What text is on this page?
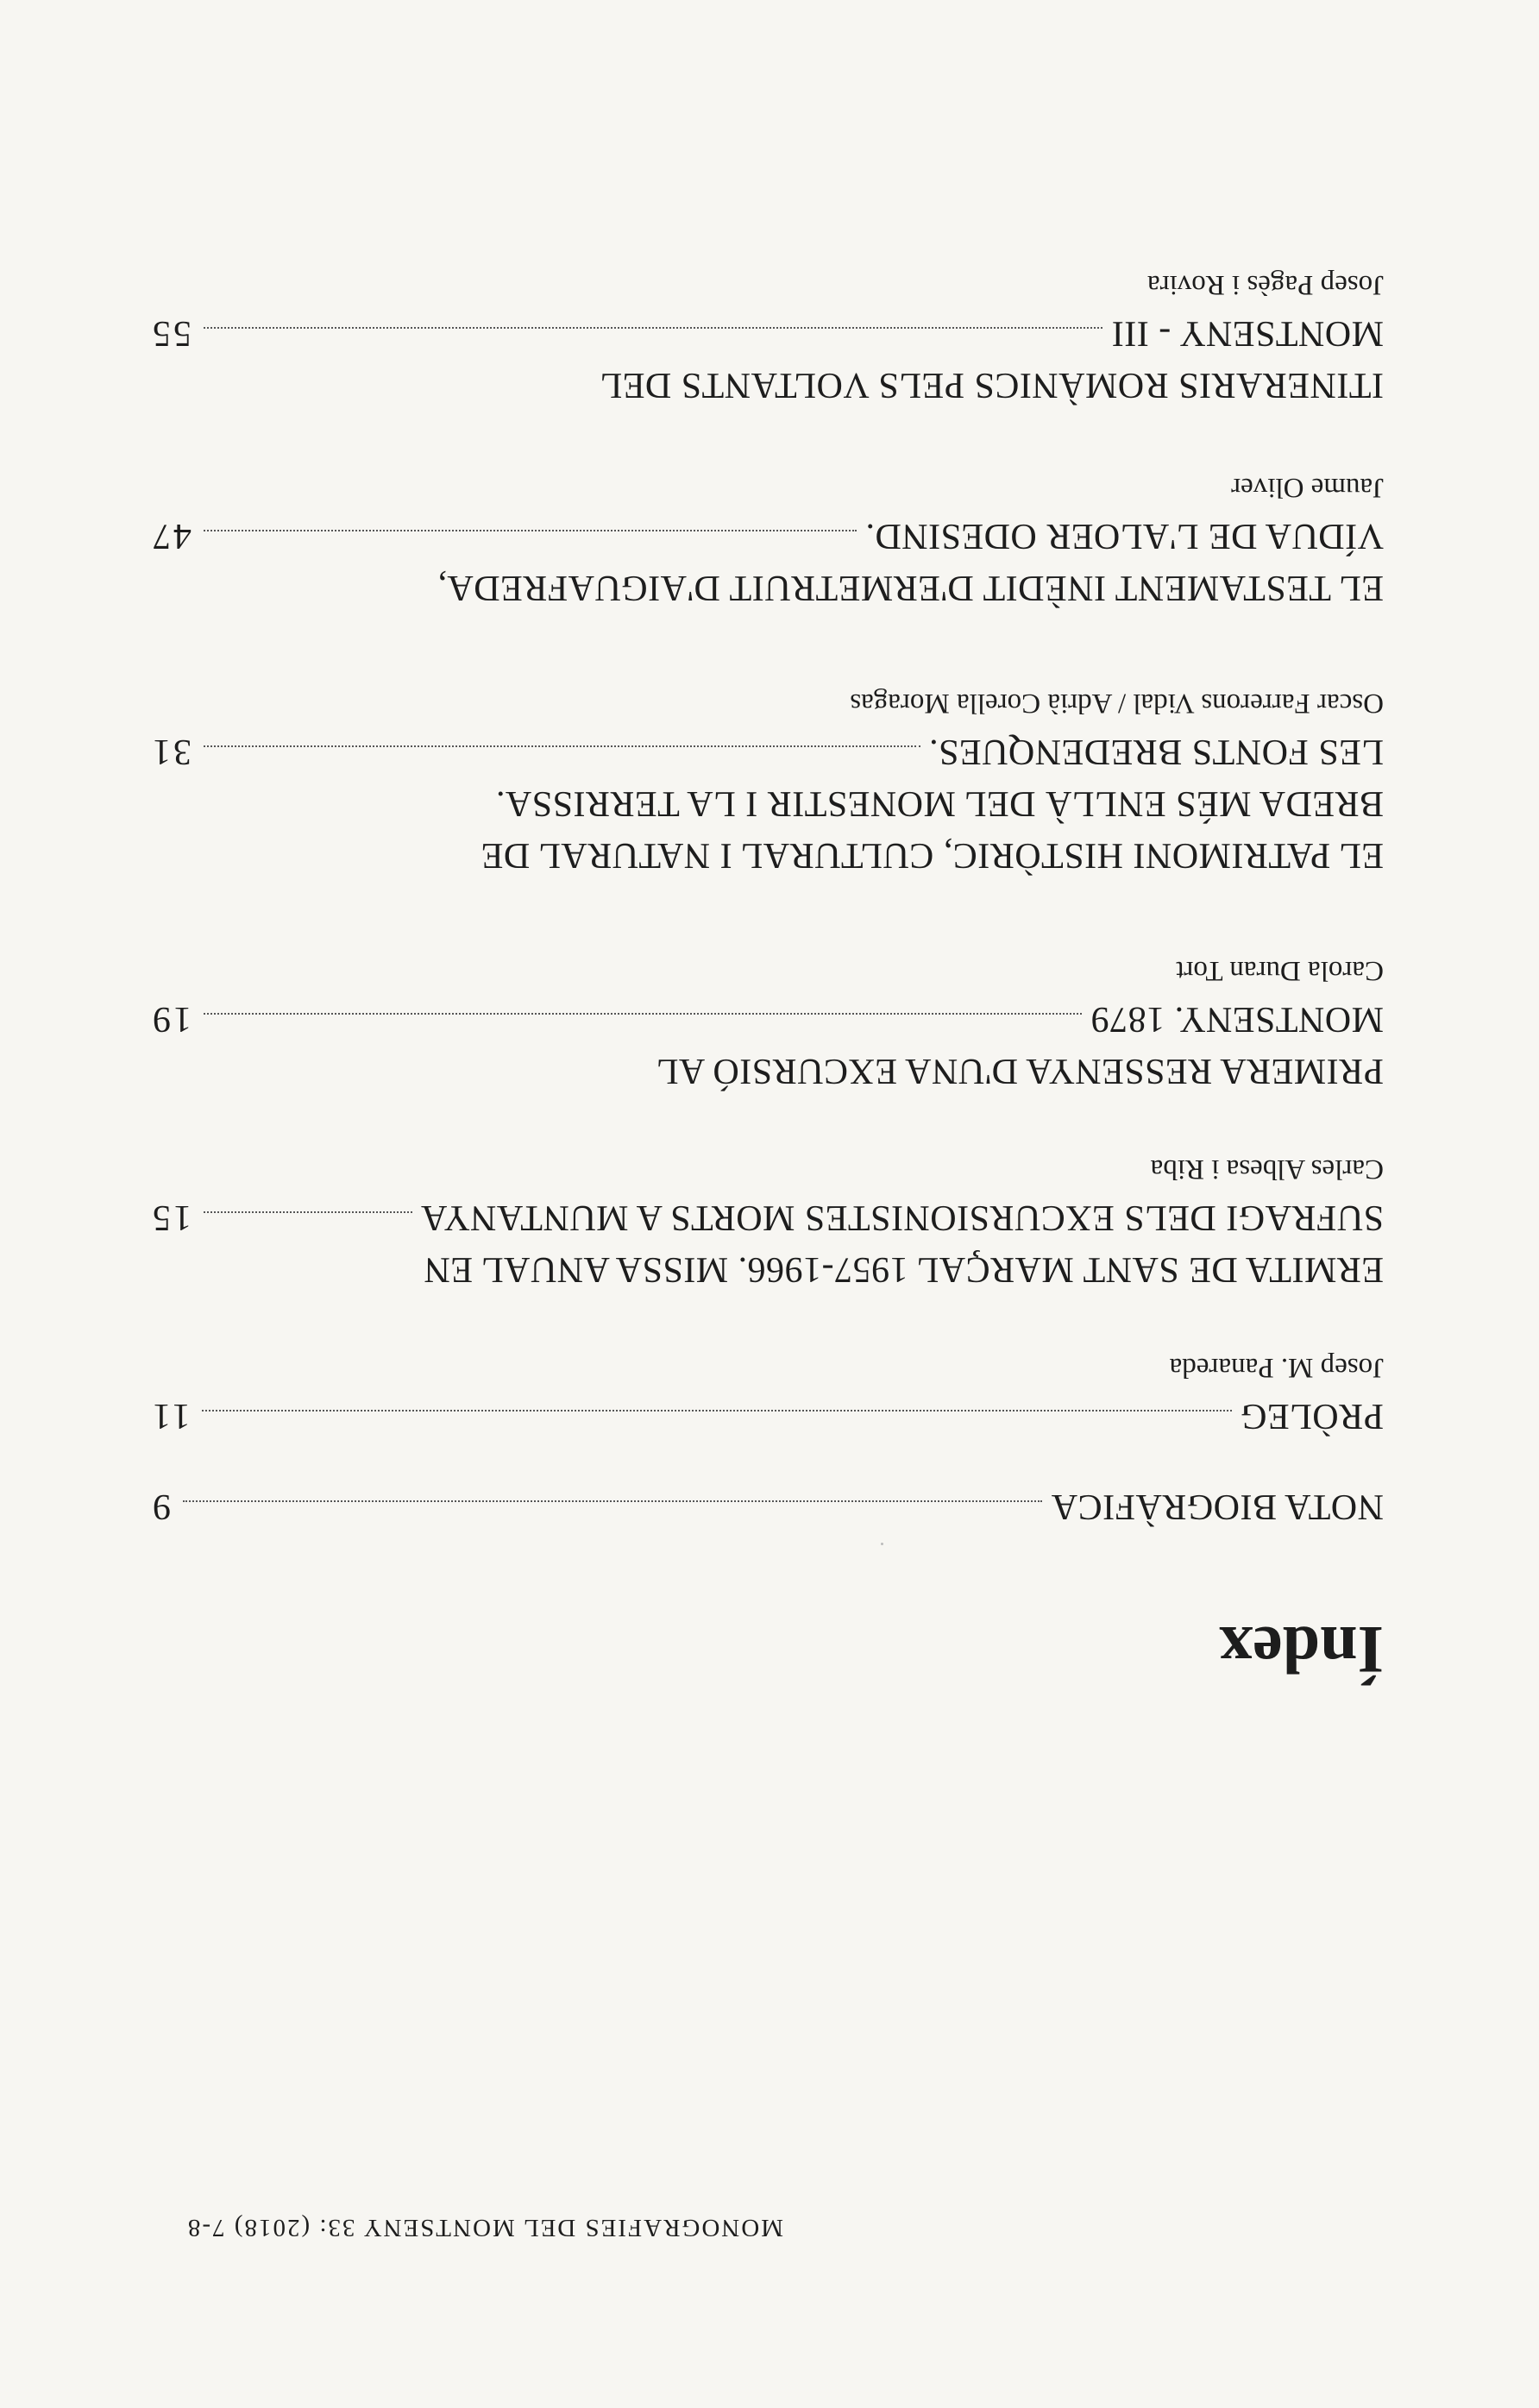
MONOGRAFIES DEL MONTSENY 33: (2018) 7-8
Índex
NOTA BIOGRÀFICA
9
PRÒLEG
11
Josep M. Panareda
ERMITA DE SANT MARÇAL 1957-1966. MISSA ANUAL EN
SUFRAGI DELS EXCURSIONISTES MORTS A MUNTANYA
15
Carles Albesa i Riba
PRIMERA RESSENYA D'UNA EXCURSIÓ AL
MONTSENY. 1879
19
Carola Duran Tort
EL PATRIMONI HISTÒRIC, CULTURAL I NATURAL DE
BREDA MÉS ENLLÀ DEL MONESTIR I LA TERRISSA.
LES FONTS BREDENQUES.
31
Oscar Farrerons Vidal / Adrià Corella Moragas
EL TESTAMENT INÈDIT D'ERMETRUIT D'AIGUAFREDA,
VÍDUA DE L'ALOER ODESIND.
47
Jaume Oliver
ITINERARIS ROMÀNICS PELS VOLTANTS DEL
MONTSENY - III
55
Josep Pagès i Rovira
